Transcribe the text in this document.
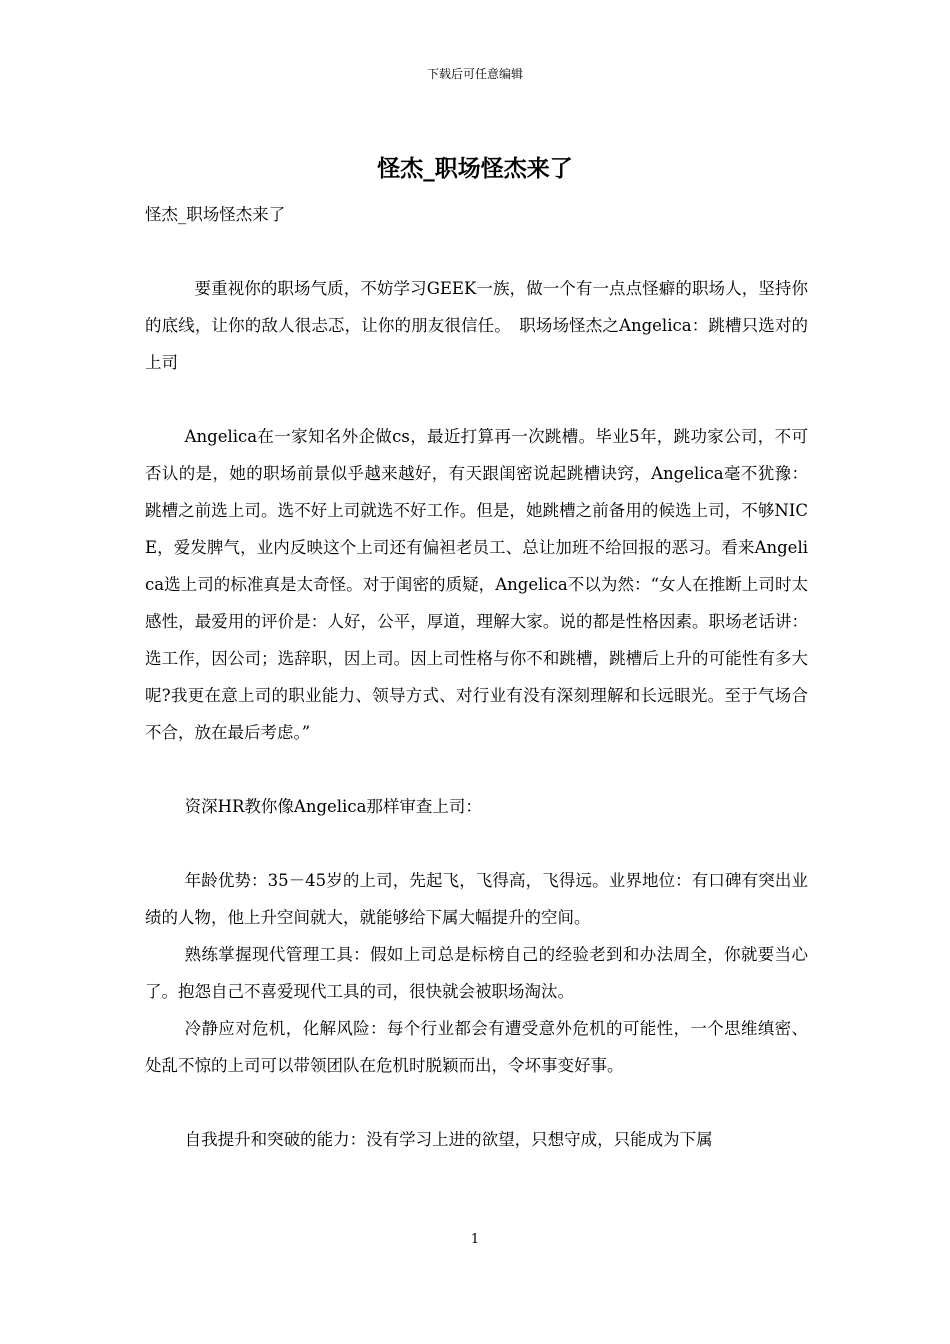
下载后可任意编辑
怪杰_职场怪杰来了

怪杰_职场怪杰来了

要重视你的职场气质，不妨学习GEEK一族，做一个有一点点怪癖的职场人，坚持你的底线，让你的敌人很忐忑，让你的朋友很信任。　职场场怪杰之Angelica：跳槽只选对的上司

Angelica在一家知名外企做cs，最近打算再一次跳槽。毕业5年，跳功家公司，不可否认的是，她的职场前景似乎越来越好，有天跟闺密说起跳槽诀窍，Angelica毫不犹豫：跳槽之前选上司。选不好上司就选不好工作。但是，她跳槽之前备用的候选上司，不够NICE，爱发脾气，业内反映这个上司还有偏袒老员工、总让加班不给回报的恶习。看来Angelica选上司的标准真是太奇怪。对于闺密的质疑，Angelica不以为然：“女人在推断上司时太感性，最爱用的评价是：人好，公平，厚道，理解大家。说的都是性格因素。职场老话讲：选工作，因公司；选辞职，因上司。因上司性格与你不和跳槽，跳槽后上升的可能性有多大呢?我更在意上司的职业能力、领导方式、对行业有没有深刻理解和长远眼光。至于气场合不合，放在最后考虑。”

资深HR教你像Angelica那样审查上司：

年龄优势：35－45岁的上司，先起飞，飞得高，飞得远。业界地位：有口碑有突出业绩的人物，他上升空间就大，就能够给下属大幅提升的空间。

熟练掌握现代管理工具：假如上司总是标榜自己的经验老到和办法周全，你就要当心了。抱怨自己不喜爱现代工具的司，很快就会被职场淘汰。

冷静应对危机，化解风险：每个行业都会有遭受意外危机的可能性，一个思维缜密、处乱不惊的上司可以带领团队在危机时脱颖而出，令坏事变好事。

自我提升和突破的能力：没有学习上进的欲望，只想守成，只能成为下属

1
